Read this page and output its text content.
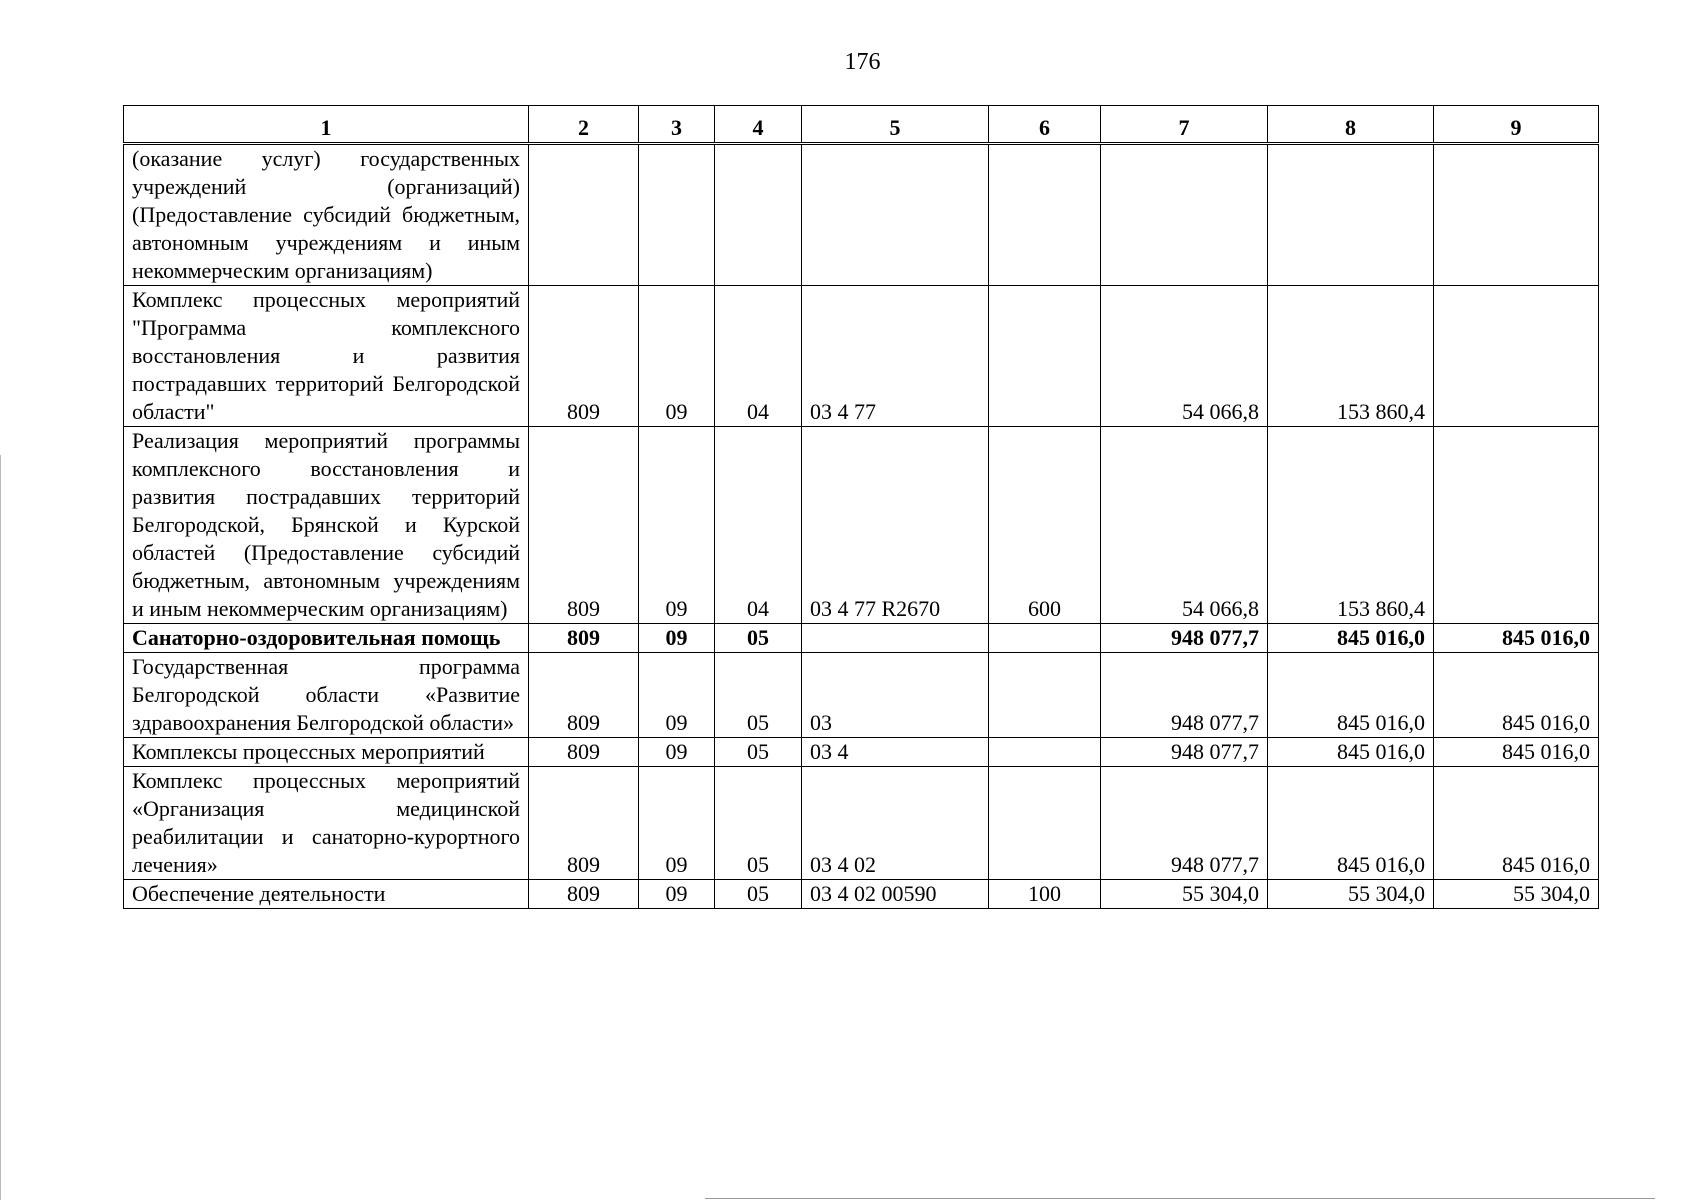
176
1	2	3	4	5	6	7	8	9
(оказание услуг) государственных учреждений (организаций) (Предоставление субсидий бюджетным, автономным учреждениям и иным некоммерческим организациям)								
Комплекс процессных мероприятий "Программа комплексного восстановления и развития пострадавших территорий Белгородской области"	809	09	04	03 4 77		54 066,8	153 860,4	
Реализация мероприятий программы комплексного восстановления и развития пострадавших территорий Белгородской, Брянской и Курской областей (Предоставление субсидий бюджетным, автономным учреждениям и иным некоммерческим организациям)	809	09	04	03 4 77 R2670	600	54 066,8	153 860,4	
Санаторно-оздоровительная помощь	809	09	05			948 077,7	845 016,0	845 016,0
Государственная программа Белгородской области «Развитие здравоохранения Белгородской области»	809	09	05	03		948 077,7	845 016,0	845 016,0
Комплексы процессных мероприятий	809	09	05	03 4		948 077,7	845 016,0	845 016,0
Комплекс процессных мероприятий «Организация медицинской реабилитации и санаторно-курортного лечения»	809	09	05	03 4 02		948 077,7	845 016,0	845 016,0
Обеспечение деятельности	809	09	05	03 4 02 00590	100	55 304,0	55 304,0	55 304,0
